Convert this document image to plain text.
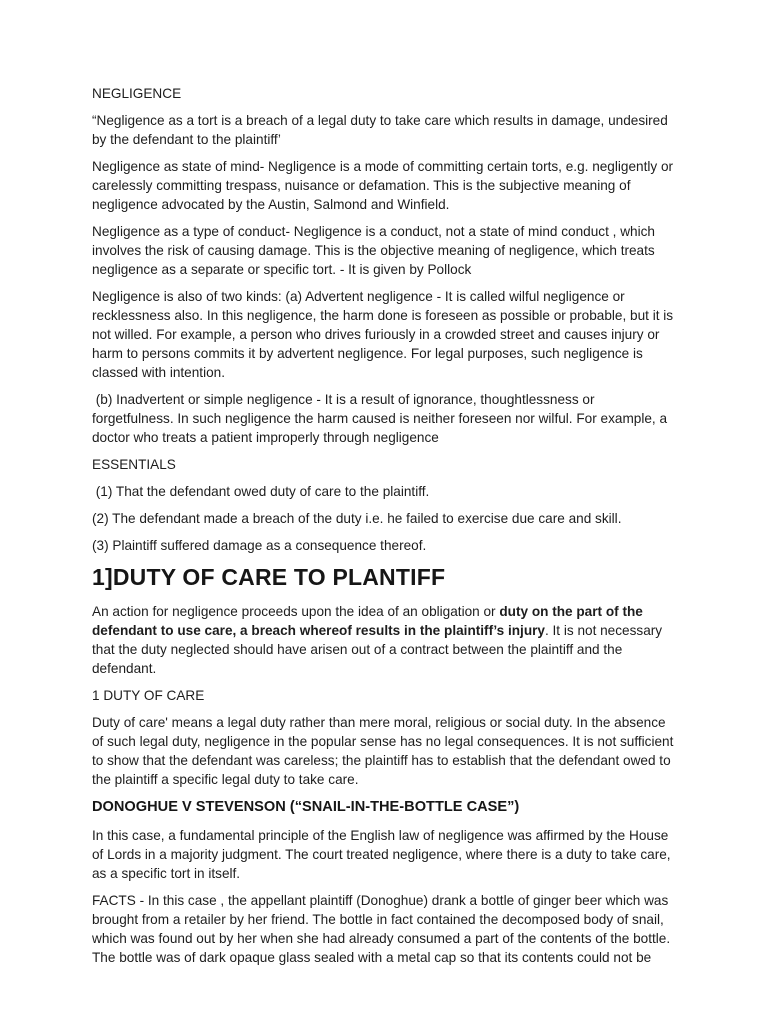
NEGLIGENCE

“Negligence as a tort is a breach of a legal duty to take care which results in damage, undesired by the defendant to the plaintiff’

Negligence as state of mind- Negligence is a mode of committing certain torts, e.g. negligently or carelessly committing trespass, nuisance or defamation. This is the subjective meaning of negligence advocated by the Austin, Salmond and Winfield.

Negligence as a type of conduct- Negligence is a conduct, not a state of mind conduct , which involves the risk of causing damage. This is the objective meaning of negligence, which treats negligence as a separate or specific tort. - It is given by Pollock

Negligence is also of two kinds: (a) Advertent negligence - It is called wilful negligence or recklessness also. In this negligence, the harm done is foreseen as possible or probable, but it is not willed. For example, a person who drives furiously in a crowded street and causes injury or harm to persons commits it by advertent negligence. For legal purposes, such negligence is classed with intention.

(b) Inadvertent or simple negligence - It is a result of ignorance, thoughtlessness or forgetfulness. In such negligence the harm caused is neither foreseen nor wilful. For example, a doctor who treats a patient improperly through negligence

ESSENTIALS

(1) That the defendant owed duty of care to the plaintiff.

(2) The defendant made a breach of the duty i.e. he failed to exercise due care and skill.

(3) Plaintiff suffered damage as a consequence thereof.

1]DUTY OF CARE TO PLANTIFF

An action for negligence proceeds upon the idea of an obligation or duty on the part of the defendant to use care, a breach whereof results in the plaintiff’s injury. It is not necessary that the duty neglected should have arisen out of a contract between the plaintiff and the defendant.

1 DUTY OF CARE

Duty of care' means a legal duty rather than mere moral, religious or social duty. In the absence of such legal duty, negligence in the popular sense has no legal consequences. It is not sufficient to show that the defendant was careless; the plaintiff has to establish that the defendant owed to the plaintiff a specific legal duty to take care.

DONOGHUE V STEVENSON (“SNAIL-IN-THE-BOTTLE CASE”)

In this case, a fundamental principle of the English law of negligence was affirmed by the House of Lords in a majority judgment. The court treated negligence, where there is a duty to take care, as a specific tort in itself.

FACTS - In this case , the appellant plaintiff (Donoghue) drank a bottle of ginger beer which was brought from a retailer by her friend. The bottle in fact contained the decomposed body of snail, which was found out by her when she had already consumed a part of the contents of the bottle. The bottle was of dark opaque glass sealed with a metal cap so that its contents could not be
